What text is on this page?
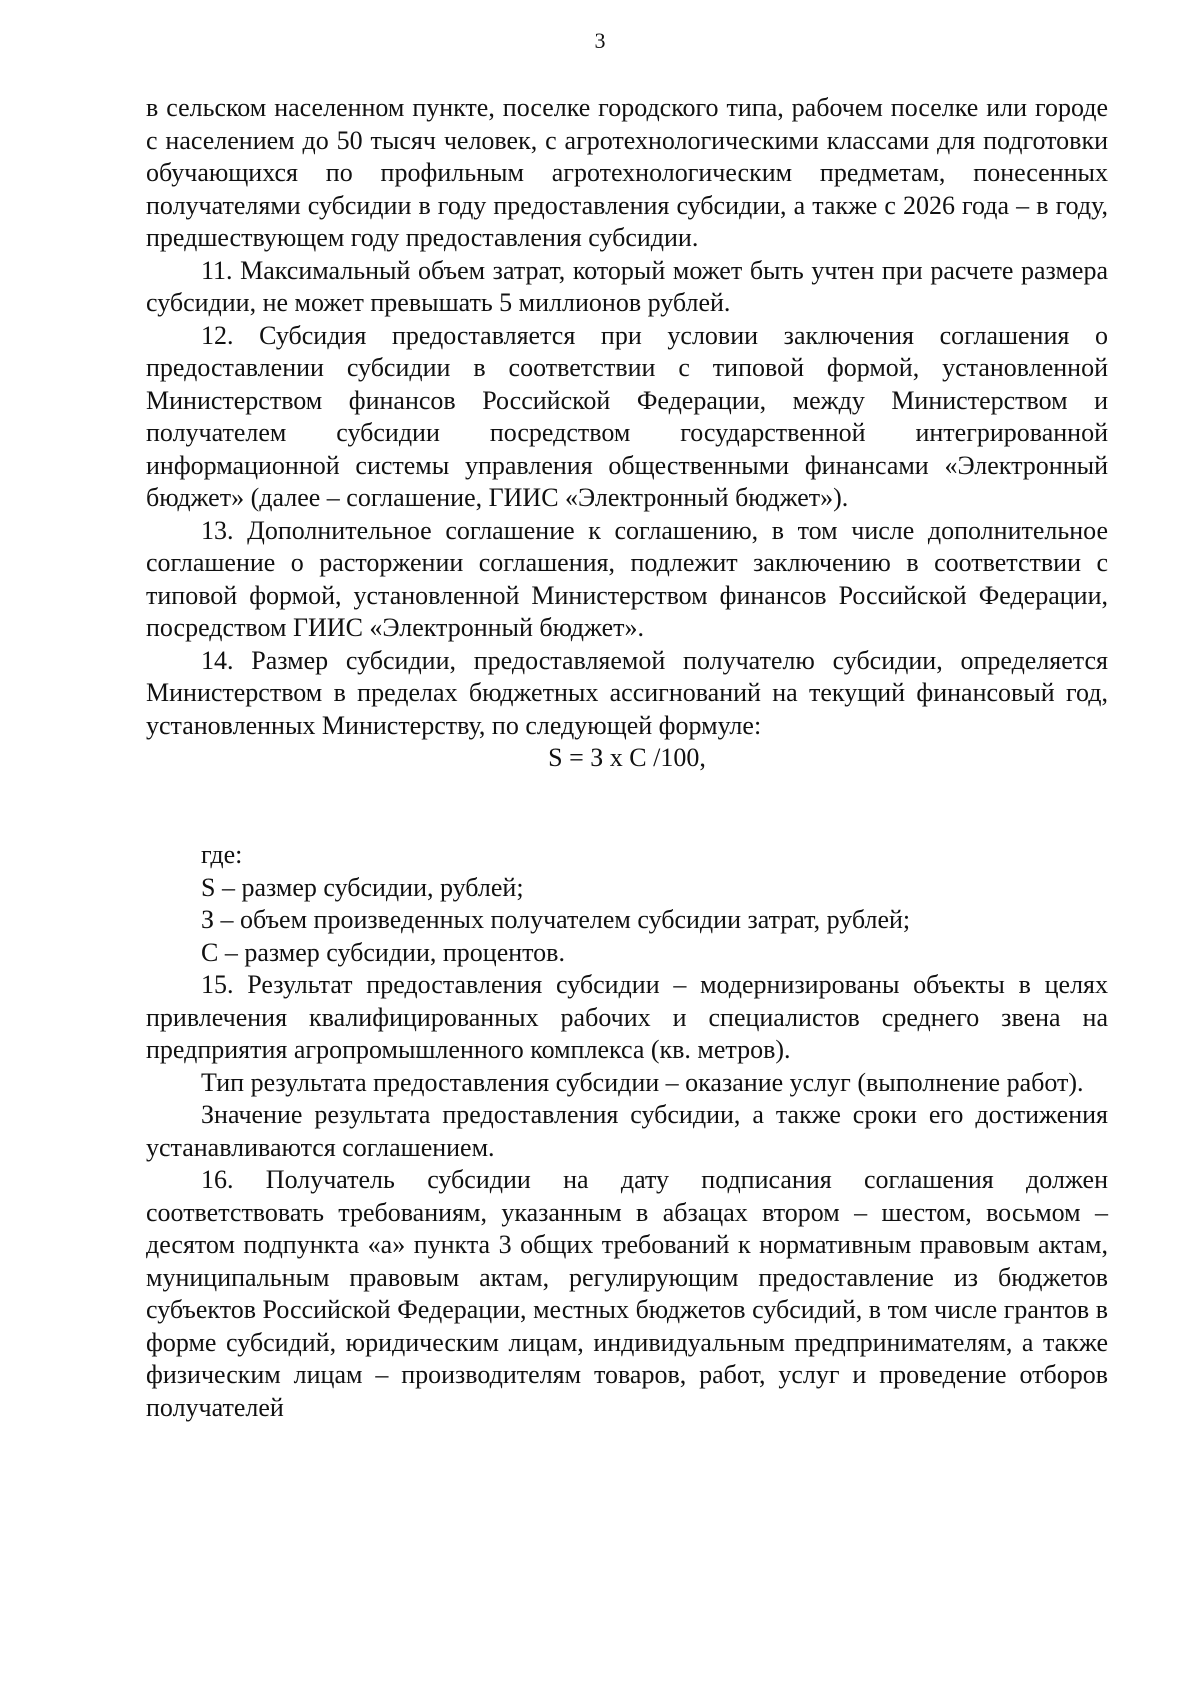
3

в сельском населенном пункте, поселке городского типа, рабочем поселке или городе с населением до 50 тысяч человек, с агротехнологическими классами для подготовки обучающихся по профильным агротехнологическим предметам, понесенных получателями субсидии в году предоставления субсидии, а также с 2026 года – в году, предшествующем году предоставления субсидии.

11. Максимальный объем затрат, который может быть учтен при расчете размера субсидии, не может превышать 5 миллионов рублей.

12. Субсидия предоставляется при условии заключения соглашения о предоставлении субсидии в соответствии с типовой формой, установленной Министерством финансов Российской Федерации, между Министерством и получателем субсидии посредством государственной интегрированной информационной системы управления общественными финансами «Электронный бюджет» (далее – соглашение, ГИИС «Электронный бюджет»).

13. Дополнительное соглашение к соглашению, в том числе дополнительное соглашение о расторжении соглашения, подлежит заключению в соответствии с типовой формой, установленной Министерством финансов Российской Федерации, посредством ГИИС «Электронный бюджет».

14. Размер субсидии, предоставляемой получателю субсидии, определяется Министерством в пределах бюджетных ассигнований на текущий финансовый год, установленных Министерству, по следующей формуле:

S = З х C /100,

где:

S – размер субсидии, рублей;

З – объем произведенных получателем субсидии затрат, рублей;

C – размер субсидии, процентов.

15. Результат предоставления субсидии – модернизированы объекты в целях привлечения квалифицированных рабочих и специалистов среднего звена на предприятия агропромышленного комплекса (кв. метров).

Тип результата предоставления субсидии – оказание услуг (выполнение работ).

Значение результата предоставления субсидии, а также сроки его достижения устанавливаются соглашением.

16. Получатель субсидии на дату подписания соглашения должен соответствовать требованиям, указанным в абзацах втором – шестом, восьмом – десятом подпункта «а» пункта 3 общих требований к нормативным правовым актам, муниципальным правовым актам, регулирующим предоставление из бюджетов субъектов Российской Федерации, местных бюджетов субсидий, в том числе грантов в форме субсидий, юридическим лицам, индивидуальным предпринимателям, а также физическим лицам – производителям товаров, работ, услуг и проведение отборов получателей
